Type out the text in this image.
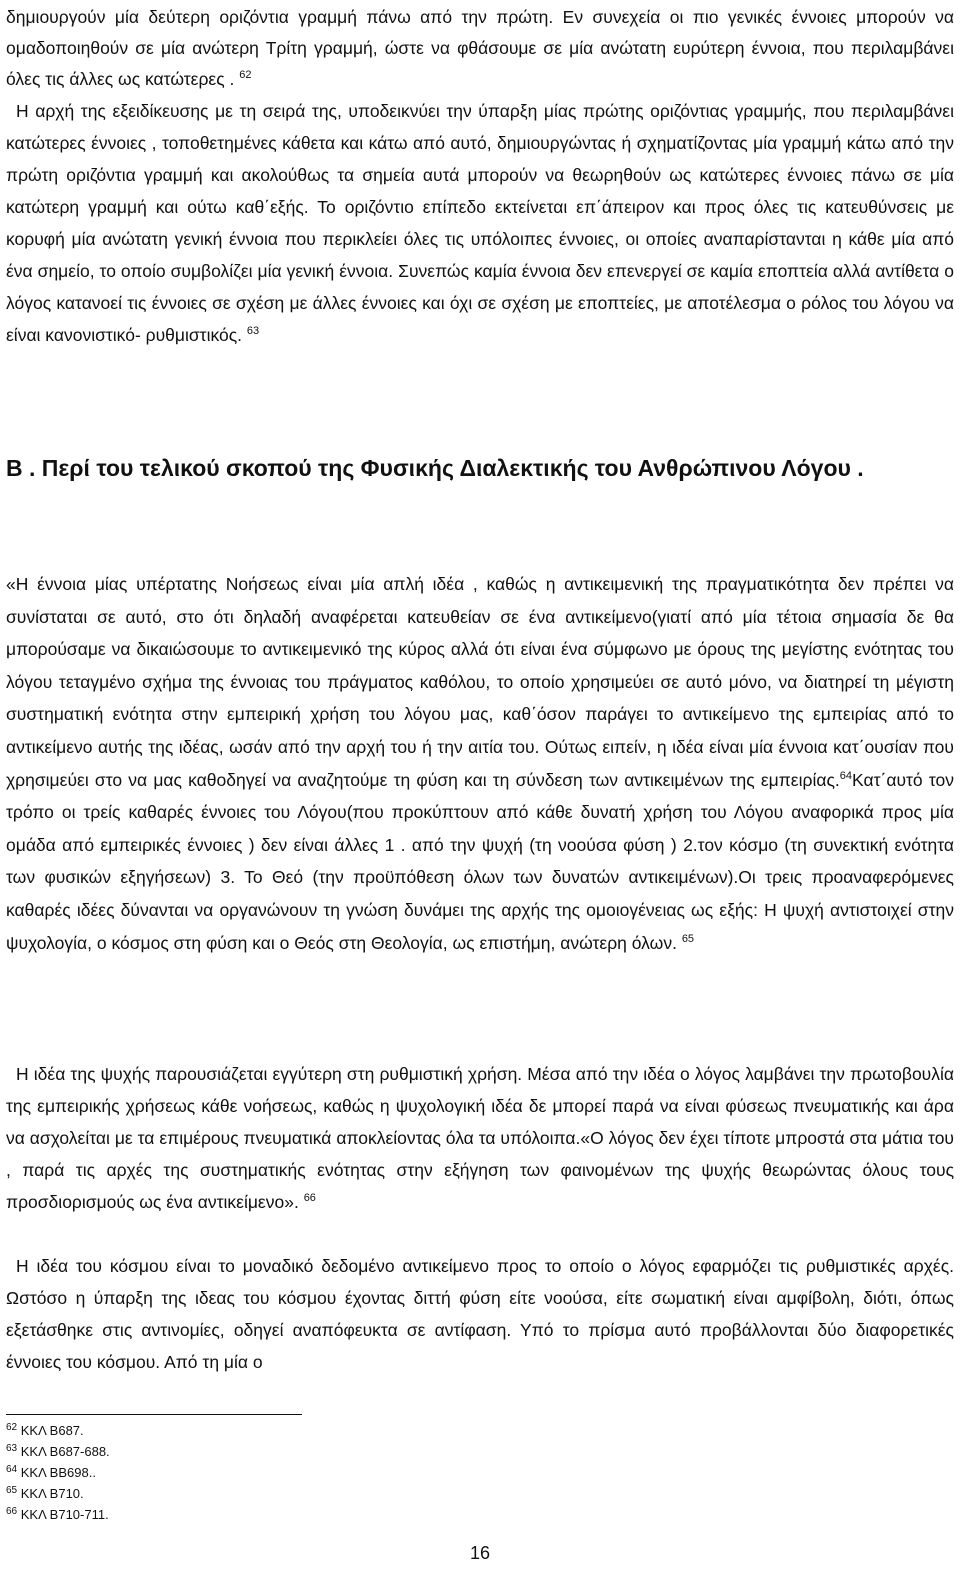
δημιουργούν μία δεύτερη οριζόντια γραμμή πάνω από την πρώτη. Εν συνεχεία οι πιο γενικές έννοιες μπορούν να ομαδοποιηθούν σε μία ανώτερη Τρίτη γραμμή, ώστε να φθάσουμε σε μία ανώτατη ευρύτερη έννοια, που περιλαμβάνει όλες τις άλλες ως κατώτερες . $^{62}$

Η αρχή της εξειδίκευσης με τη σειρά της, υποδεικνύει την ύπαρξη μίας πρώτης οριζόντιας γραμμής, που περιλαμβάνει κατώτερες έννοιες , τοποθετημένες κάθετα και κάτω από αυτό, δημιουργώντας ή σχηματίζοντας μία γραμμή κάτω από την πρώτη οριζόντια γραμμή και ακολούθως τα σημεία αυτά μπορούν να θεωρηθούν ως κατώτερες έννοιες πάνω σε μία κατώτερη γραμμή και ούτω καθ΄εξής. Το οριζόντιο επίπεδο εκτείνεται επ΄άπειρον και προς όλες τις κατευθύνσεις με κορυφή μία ανώτατη γενική έννοια που περικλείει όλες τις υπόλοιπες έννοιες, οι οποίες αναπαρίστανται η κάθε μία από ένα σημείο, το οποίο συμβολίζει μία γενική έννοια. Συνεπώς καμία έννοια δεν επενεργεί σε καμία εποπτεία αλλά αντίθετα ο λόγος κατανοεί τις έννοιες σε σχέση με άλλες έννοιες και όχι σε σχέση με εποπτείες, με αποτέλεσμα ο ρόλος του λόγου να είναι κανονιστικό- ρυθμιστικός. $^{63}$

Β . Περί του τελικού σκοπού της Φυσικής Διαλεκτικής του Ανθρώπινου Λόγου .

«Η έννοια μίας υπέρτατης Νοήσεως είναι μία απλή ιδέα , καθώς η αντικειμενική της πραγματικότητα δεν πρέπει να συνίσταται σε αυτό, στο ότι δηλαδή αναφέρεται κατευθείαν σε ένα αντικείμενο(γιατί από μία τέτοια σημασία δε θα μπορούσαμε να δικαιώσουμε το αντικειμενικό της κύρος αλλά ότι είναι ένα σύμφωνο με όρους της μεγίστης ενότητας του λόγου τεταγμένο σχήμα της έννοιας του πράγματος καθόλου, το οποίο χρησιμεύει σε αυτό μόνο, να διατηρεί τη μέγιστη συστηματική ενότητα στην εμπειρική χρήση του λόγου μας, καθ΄όσον παράγει το αντικείμενο της εμπειρίας από το αντικείμενο αυτής της ιδέας, ωσάν από την αρχή του ή την αιτία του. Ούτως ειπείν, η ιδέα είναι μία έννοια κατ΄ουσίαν που χρησιμεύει στο να μας καθοδηγεί να αναζητούμε τη φύση και τη σύνδεση των αντικειμένων της εμπειρίας.$^{64}$Κατ΄αυτό τον τρόπο οι τρείς καθαρές έννοιες του Λόγου(που προκύπτουν από κάθε δυνατή χρήση του Λόγου αναφορικά προς μία ομάδα από εμπειρικές έννοιες ) δεν είναι άλλες 1 . από την ψυχή (τη νοούσα φύση ) 2.τον κόσμο (τη συνεκτική ενότητα των φυσικών εξηγήσεων) 3. Το Θεό (την προϋπόθεση όλων των δυνατών αντικειμένων).Οι τρεις προαναφερόμενες καθαρές ιδέες δύνανται να οργανώνουν τη γνώση δυνάμει της αρχής της ομοιογένειας ως εξής: Η ψυχή αντιστοιχεί στην ψυχολογία, ο κόσμος στη φύση και ο Θεός στη Θεολογία, ως επιστήμη, ανώτερη όλων. $^{65}$

Η ιδέα της ψυχής παρουσιάζεται εγγύτερη στη ρυθμιστική χρήση. Μέσα από την ιδέα ο λόγος λαμβάνει την πρωτοβουλία της εμπειρικής χρήσεως κάθε νοήσεως, καθώς η ψυχολογική ιδέα δε μπορεί παρά να είναι φύσεως πνευματικής και άρα να ασχολείται με τα επιμέρους πνευματικά αποκλείοντας όλα τα υπόλοιπα.«Ο λόγος δεν έχει τίποτε μπροστά στα μάτια του , παρά τις αρχές της συστηματικής ενότητας στην εξήγηση των φαινομένων της ψυχής θεωρώντας όλους τους προσδιορισμούς ως ένα αντικείμενο». $^{66}$

Η ιδέα του κόσμου είναι το μοναδικό δεδομένο αντικείμενο προς το οποίο ο λόγος εφαρμόζει τις ρυθμιστικές αρχές. Ωστόσο η ύπαρξη της ιδεας του κόσμου έχοντας διττή φύση είτε νοούσα, είτε σωματική είναι αμφίβολη, διότι, όπως εξετάσθηκε στις αντινομίες, οδηγεί αναπόφευκτα σε αντίφαση. Υπό το πρίσμα αυτό προβάλλονται δύο διαφορετικές έννοιες του κόσμου. Από τη μία ο

$^{62}$ ΚΚΛ Β687.
$^{63}$ ΚΚΛ Β687-688.
$^{64}$ ΚΚΛ ΒΒ698..
$^{65}$ ΚΚΛ Β710.
$^{66}$ ΚΚΛ Β710-711.
16
